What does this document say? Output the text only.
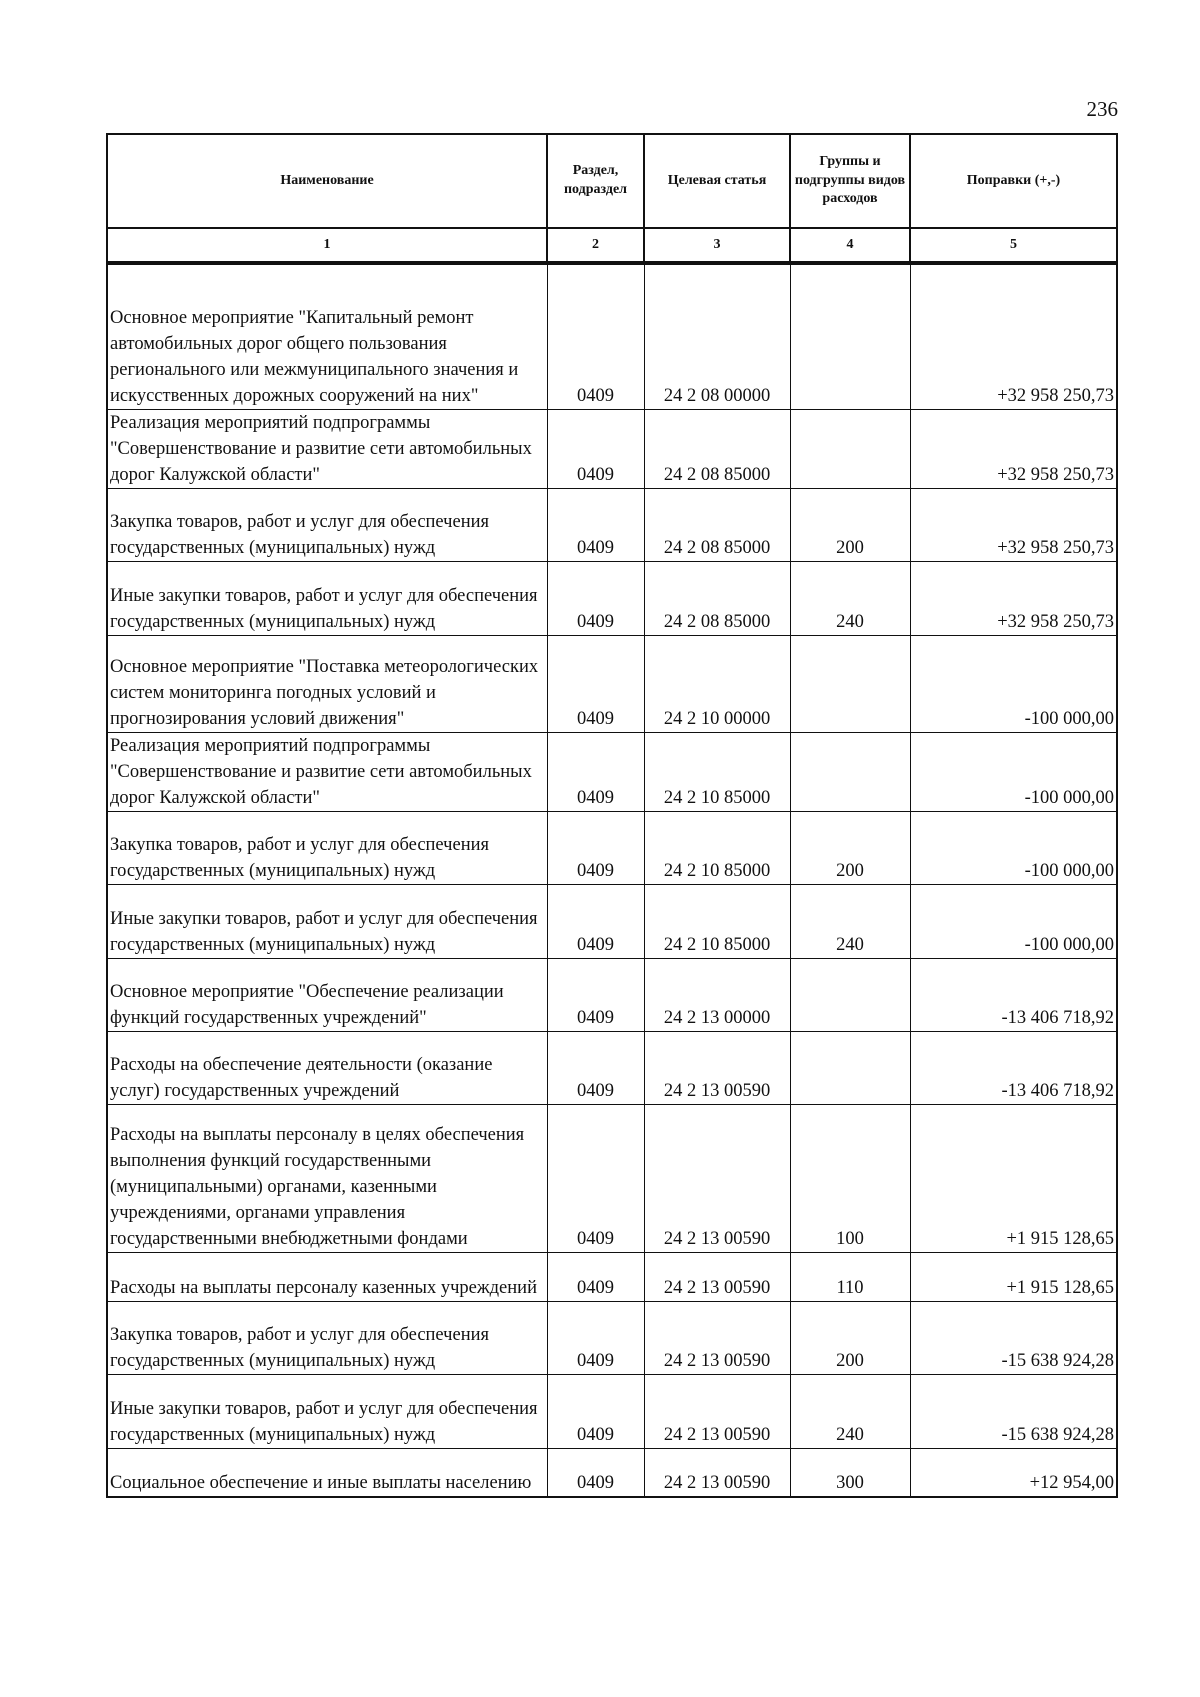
236
Наименование	Раздел, подраздел	Целевая статья	Группы и подгруппы видов расходов	Поправки (+,-)
1	2	3	4	5
Основное мероприятие "Капитальный ремонт автомобильных дорог общего пользования регионального или межмуниципального значения и искусственных дорожных сооружений на них"	0409	24 2 08 00000		+32 958 250,73
Реализация мероприятий подпрограммы "Совершенствование и развитие сети автомобильных дорог Калужской области"	0409	24 2 08 85000		+32 958 250,73
Закупка товаров, работ и услуг для обеспечения государственных (муниципальных) нужд	0409	24 2 08 85000	200	+32 958 250,73
Иные закупки товаров, работ и услуг для обеспечения государственных (муниципальных) нужд	0409	24 2 08 85000	240	+32 958 250,73
Основное мероприятие "Поставка метеорологических систем мониторинга погодных условий и прогнозирования условий движения"	0409	24 2 10 00000		-100 000,00
Реализация мероприятий подпрограммы "Совершенствование и развитие сети автомобильных дорог Калужской области"	0409	24 2 10 85000		-100 000,00
Закупка товаров, работ и услуг для обеспечения государственных (муниципальных) нужд	0409	24 2 10 85000	200	-100 000,00
Иные закупки товаров, работ и услуг для обеспечения государственных (муниципальных) нужд	0409	24 2 10 85000	240	-100 000,00
Основное мероприятие "Обеспечение реализации функций государственных учреждений"	0409	24 2 13 00000		-13 406 718,92
Расходы на обеспечение деятельности (оказание услуг) государственных учреждений	0409	24 2 13 00590		-13 406 718,92
Расходы на выплаты персоналу в целях обеспечения выполнения функций государственными (муниципальными) органами, казенными учреждениями, органами управления государственными внебюджетными фондами	0409	24 2 13 00590	100	+1 915 128,65
Расходы на выплаты персоналу казенных учреждений	0409	24 2 13 00590	110	+1 915 128,65
Закупка товаров, работ и услуг для обеспечения государственных (муниципальных) нужд	0409	24 2 13 00590	200	-15 638 924,28
Иные закупки товаров, работ и услуг для обеспечения государственных (муниципальных) нужд	0409	24 2 13 00590	240	-15 638 924,28
Социальное обеспечение и иные выплаты населению	0409	24 2 13 00590	300	+12 954,00
